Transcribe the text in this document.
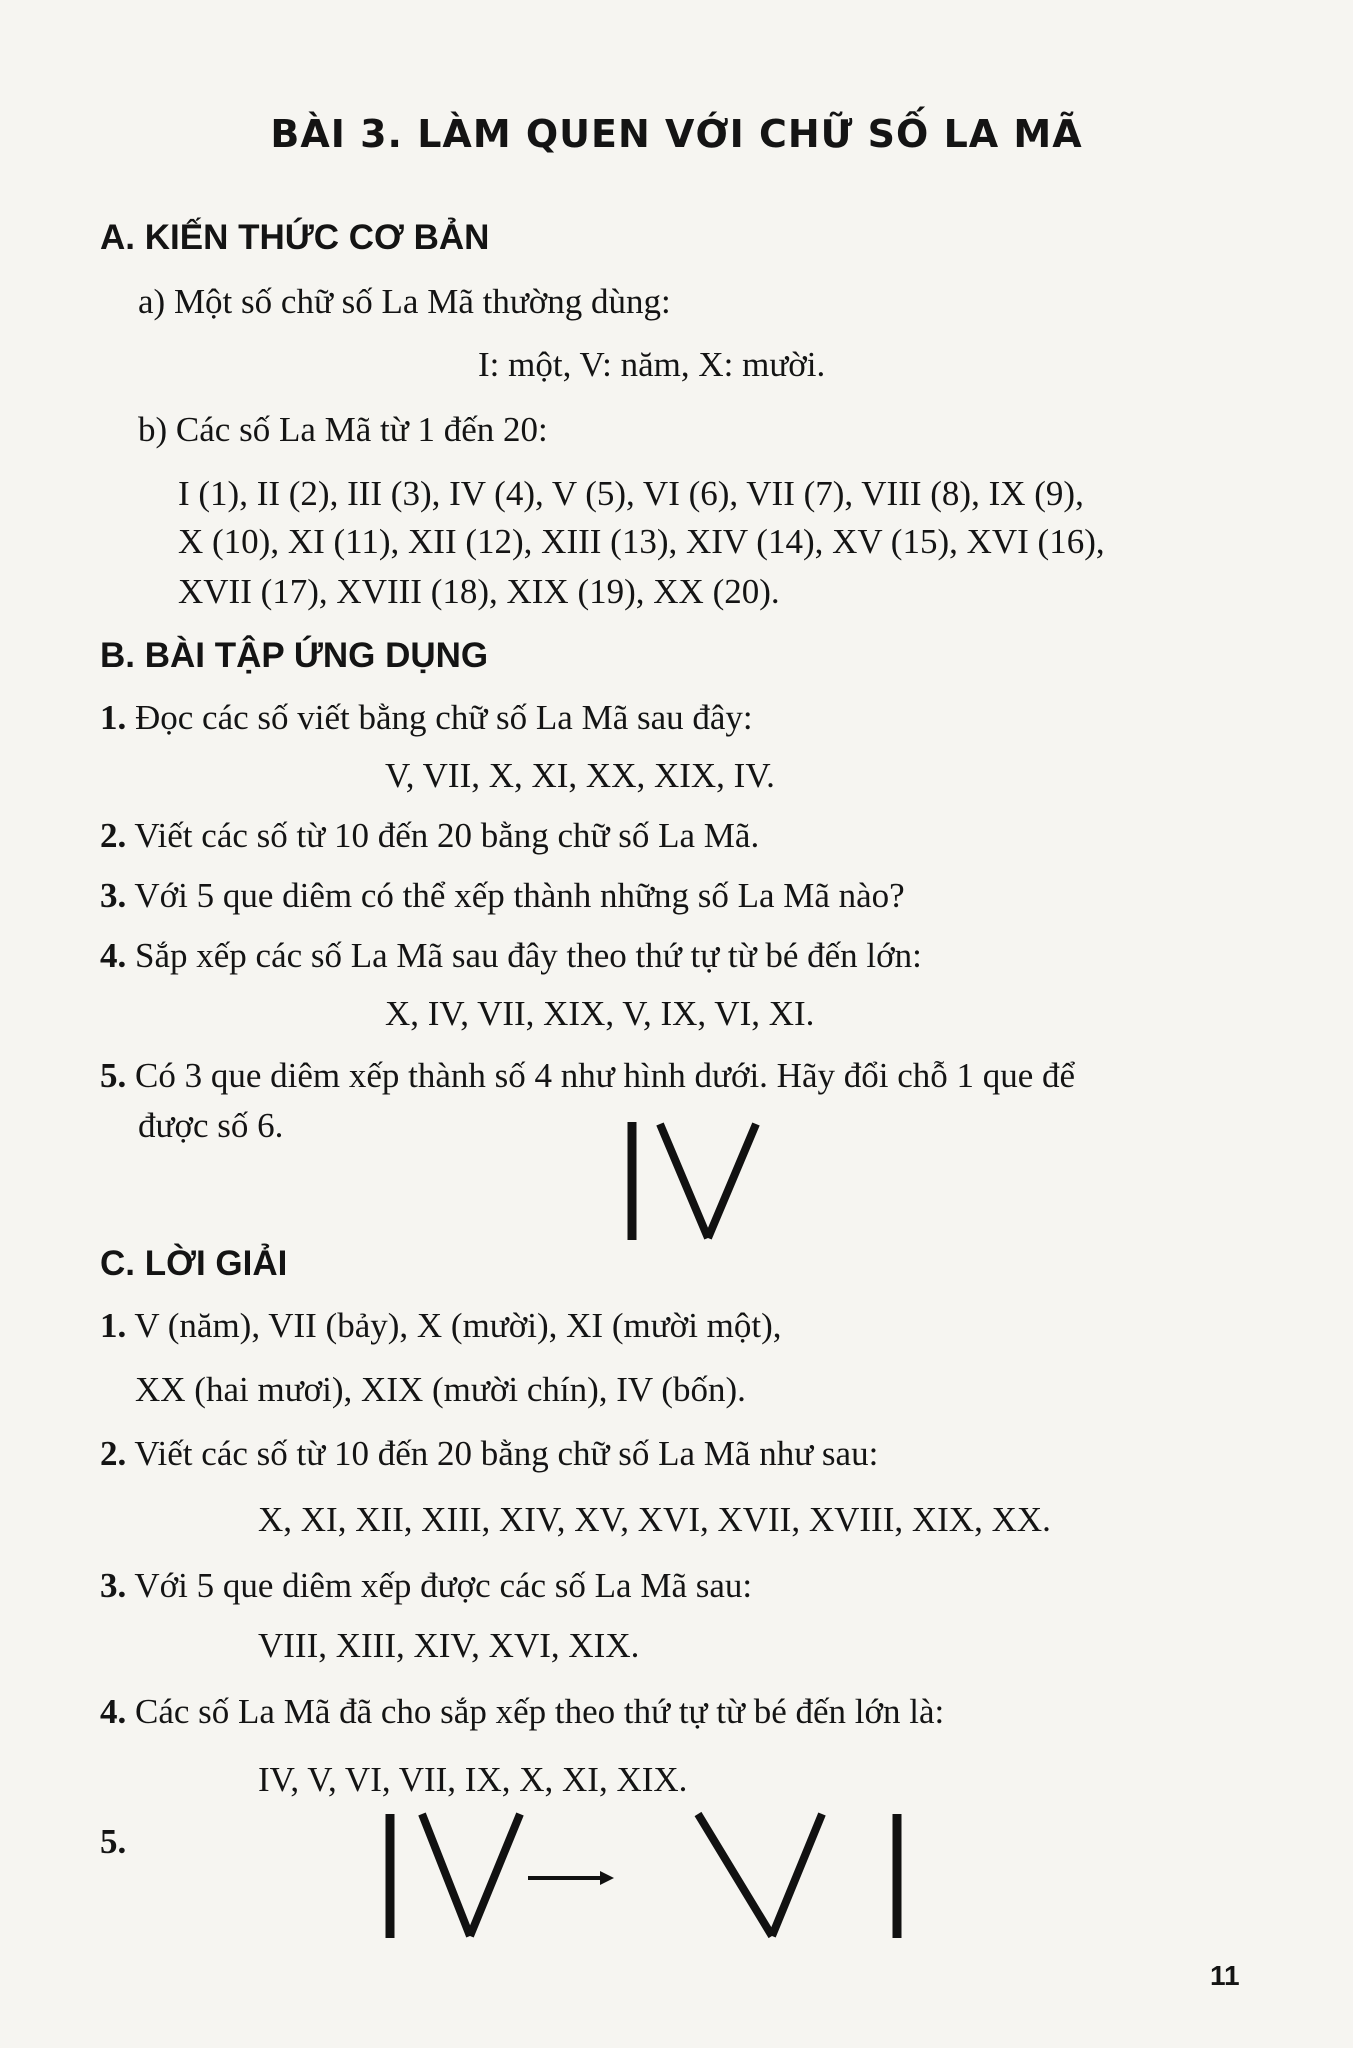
BÀI 3. LÀM QUEN VỚI CHỮ SỐ LA MÃ
A. KIẾN THỨC CƠ BẢN
a) Một số chữ số La Mã thường dùng:
I: một, V: năm, X: mười.
b) Các số La Mã từ 1 đến 20:
I (1), II (2), III (3), IV (4), V (5), VI (6), VII (7), VIII (8), IX (9),
X (10), XI (11), XII (12), XIII (13), XIV (14), XV (15), XVI (16),
XVII (17), XVIII (18), XIX (19), XX (20).
B. BÀI TẬP ỨNG DỤNG
1. Đọc các số viết bằng chữ số La Mã sau đây:
V, VII, X, XI, XX, XIX, IV.
2. Viết các số từ 10 đến 20 bằng chữ số La Mã.
3. Với 5 que diêm có thể xếp thành những số La Mã nào?
4. Sắp xếp các số La Mã sau đây theo thứ tự từ bé đến lớn:
X, IV, VII, XIX, V, IX, VI, XI.
5. Có 3 que diêm xếp thành số 4 như hình dưới. Hãy đổi chỗ 1 que để
được số 6.
C. LỜI GIẢI
1. V (năm), VII (bảy), X (mười), XI (mười một),
XX (hai mươi), XIX (mười chín), IV (bốn).
2. Viết các số từ 10 đến 20 bằng chữ số La Mã như sau:
X, XI, XII, XIII, XIV, XV, XVI, XVII, XVIII, XIX, XX.
3. Với 5 que diêm xếp được các số La Mã sau:
VIII, XIII, XIV, XVI, XIX.
4. Các số La Mã đã cho sắp xếp theo thứ tự từ bé đến lớn là:
IV, V, VI, VII, IX, X, XI, XIX.
5.
11
